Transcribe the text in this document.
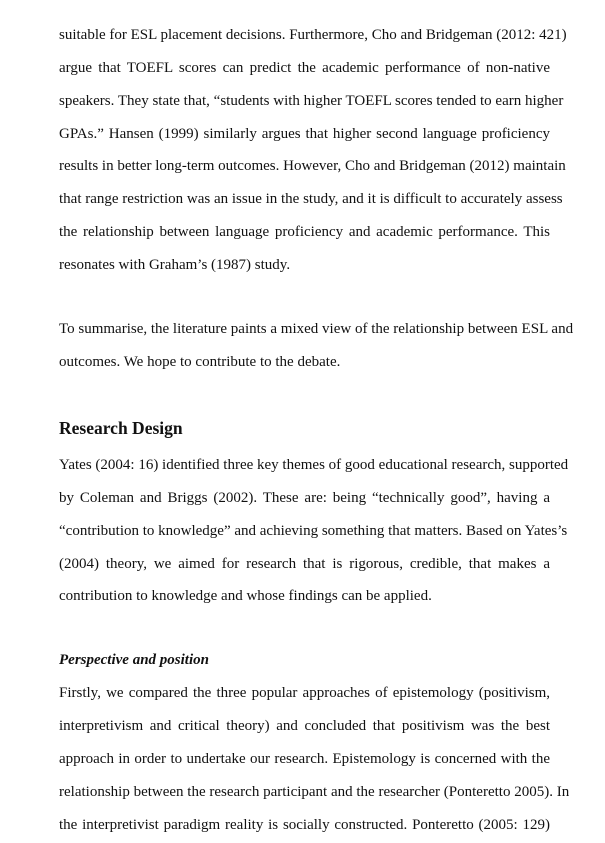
suitable for ESL placement decisions. Furthermore, Cho and Bridgeman (2012: 421)
argue that TOEFL scores can predict the academic performance of non-native
speakers. They state that, “students with higher TOEFL scores tended to earn higher
GPAs.” Hansen (1999) similarly argues that higher second language proficiency
results in better long-term outcomes. However, Cho and Bridgeman (2012) maintain
that range restriction was an issue in the study, and it is difficult to accurately assess
the relationship between language proficiency and academic performance. This
resonates with Graham’s (1987) study.
To summarise, the literature paints a mixed view of the relationship between ESL and
outcomes. We hope to contribute to the debate.
Research Design
Yates (2004: 16) identified three key themes of good educational research, supported
by Coleman and Briggs (2002). These are: being “technically good”, having a
“contribution to knowledge” and achieving something that matters. Based on Yates’s
(2004) theory, we aimed for research that is rigorous, credible, that makes a
contribution to knowledge and whose findings can be applied.
Perspective and position
Firstly, we compared the three popular approaches of epistemology (positivism,
interpretivism and critical theory) and concluded that positivism was the best
approach in order to undertake our research. Epistemology is concerned with the
relationship between the research participant and the researcher (Ponteretto 2005). In
the interpretivist paradigm reality is socially constructed. Ponteretto (2005: 129)
